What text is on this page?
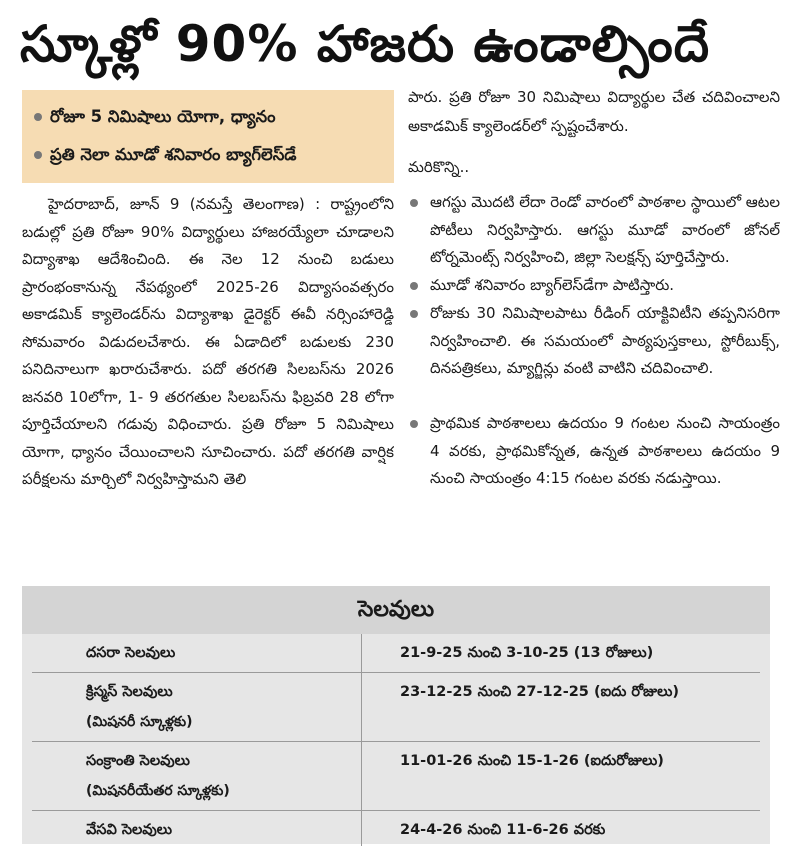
స్కూళ్లో 90% హాజరు ఉండాల్సిందే
రోజూ 5 నిమిషాలు యోగా, ధ్యానం
ప్రతి నెలా మూడో శనివారం బ్యాగ్‌లెస్‌డే

హైదరాబాద్, జూన్ 9 (నమస్తే తెలంగాణ) : రాష్ట్రంలోని బడుల్లో ప్రతి రోజూ 90% విద్యార్థులు హాజరయ్యేలా చూడాలని విద్యాశాఖ ఆదేశించింది. ఈ నెల 12 నుంచి బడులు ప్రారంభంకానున్న నేపథ్యంలో 2025-26 విద్యాసంవత్సరం అకాడమిక్ క్యాలెండర్‌ను విద్యాశాఖ డైరెక్టర్ ఈవీ నర్సింహారెడ్డి సోమవారం విడుదలచేశారు. ఈ ఏడాదిలో బడులకు 230 పనిదినాలుగా ఖరారుచేశారు. పదో తరగతి సిలబస్‌ను 2026 జనవరి 10లోగా, 1- 9 తరగతుల సిలబస్‌ను ఫిబ్రవరి 28 లోగా పూర్తిచేయాలని గడువు విధించారు. ప్రతి రోజూ 5 నిమిషాలు యోగా, ధ్యానం చేయించాలని సూచించారు. పదో తరగతి వార్షిక పరీక్షలను మార్చిలో నిర్వహిస్తామని తెలి

పారు. ప్రతి రోజూ 30 నిమిషాలు విద్యార్థుల చేత చదివించాలని అకాడమిక్ క్యాలెండర్‌లో స్పష్టంచేశారు.

మరికొన్ని..

ఆగస్టు మొదటి లేదా రెండో వారంలో పాఠశాల స్థాయిలో ఆటల పోటీలు నిర్వహిస్తారు. ఆగస్టు మూడో వారంలో జోనల్ టోర్నమెంట్స్ నిర్వహించి, జిల్లా సెలక్షన్స్ పూర్తిచేస్తారు.
మూడో శనివారం బ్యాగ్‌లెస్‌డేగా పాటిస్తారు.
రోజుకు 30 నిమిషాలపాటు రీడింగ్ యాక్టివిటీని తప్పనిసరిగా నిర్వహించాలి. ఈ సమయంలో పాఠ్యపుస్తకాలు, స్టోరీబుక్స్, దినపత్రికలు, మ్యాగ్జిన్లు వంటి వాటిని చదివించాలి.
ప్రాథమిక పాఠశాలలు ఉదయం 9 గంటల నుంచి సాయంత్రం 4 వరకు, ప్రాథమికోన్నత, ఉన్నత పాఠశాలలు ఉదయం 9 నుంచి సాయంత్రం 4:15 గంటల వరకు నడుస్తాయి.
సెలవులు
దసరా సెలవులు	21-9-25 నుంచి 3-10-25 (13 రోజులు)
క్రిస్మస్ సెలవులు
(మిషనరీ స్కూళ్లకు)
23-12-25 నుంచి 27-12-25 (ఐదు రోజులు)
సంక్రాంతి సెలవులు
(మిషనరీయేతర స్కూళ్లకు)
11-01-26 నుంచి 15-1-26 (ఐదురోజులు)
వేసవి సెలవులు	24-4-26 నుంచి 11-6-26 వరకు
